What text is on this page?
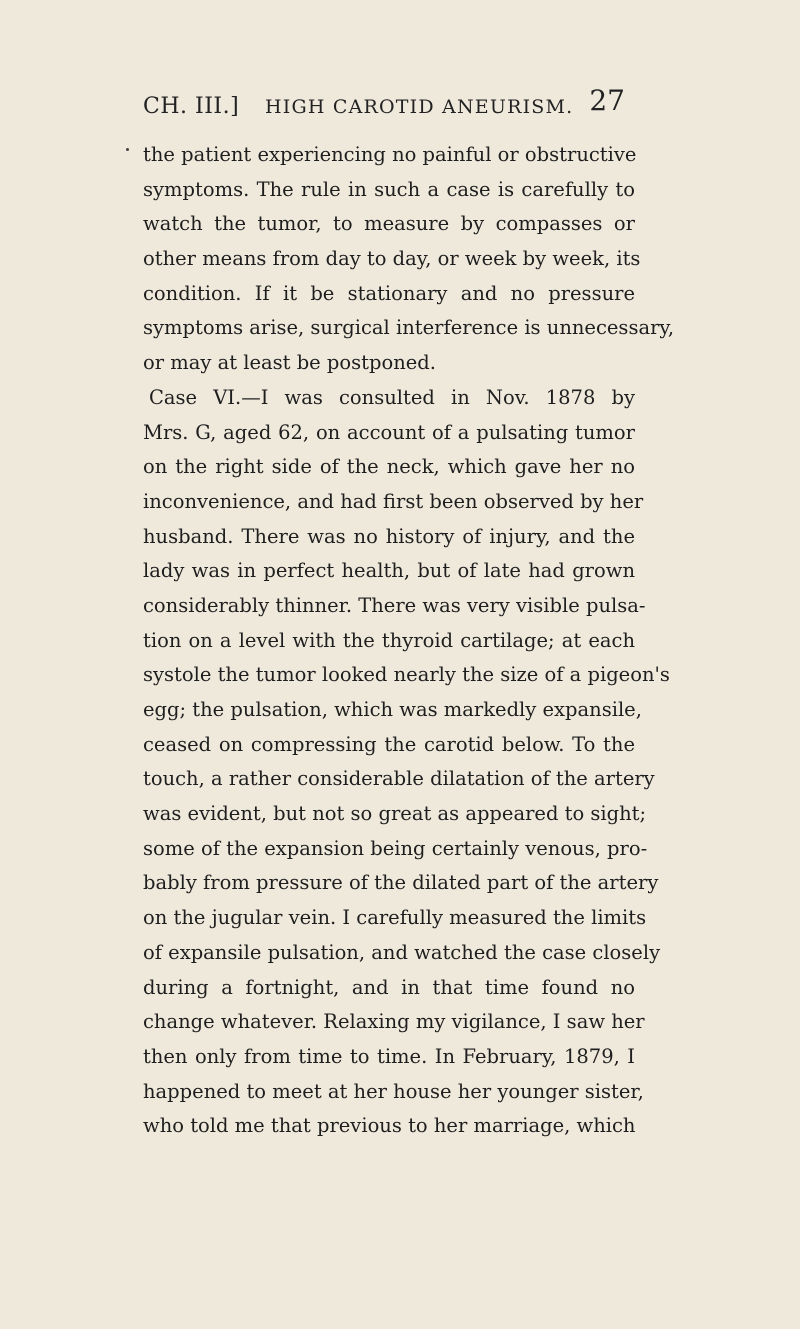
CH. III.] HIGH CAROTID ANEURISM. 27
the patient experiencing no painful or obstructive
symptoms. The rule in such a case is carefully to
watch the tumor, to measure by compasses or
other means from day to day, or week by week, its
condition. If it be stationary and no pressure
symptoms arise, surgical interference is unnecessary,
or may at least be postponed.
Case VI.—I was consulted in Nov. 1878 by
Mrs. G, aged 62, on account of a pulsating tumor
on the right side of the neck, which gave her no
inconvenience, and had first been observed by her
husband. There was no history of injury, and the
lady was in perfect health, but of late had grown
considerably thinner. There was very visible pulsa-
tion on a level with the thyroid cartilage; at each
systole the tumor looked nearly the size of a pigeon's
egg; the pulsation, which was markedly expansile,
ceased on compressing the carotid below. To the
touch, a rather considerable dilatation of the artery
was evident, but not so great as appeared to sight;
some of the expansion being certainly venous, pro-
bably from pressure of the dilated part of the artery
on the jugular vein. I carefully measured the limits
of expansile pulsation, and watched the case closely
during a fortnight, and in that time found no
change whatever. Relaxing my vigilance, I saw her
then only from time to time. In February, 1879, I
happened to meet at her house her younger sister,
who told me that previous to her marriage, which
